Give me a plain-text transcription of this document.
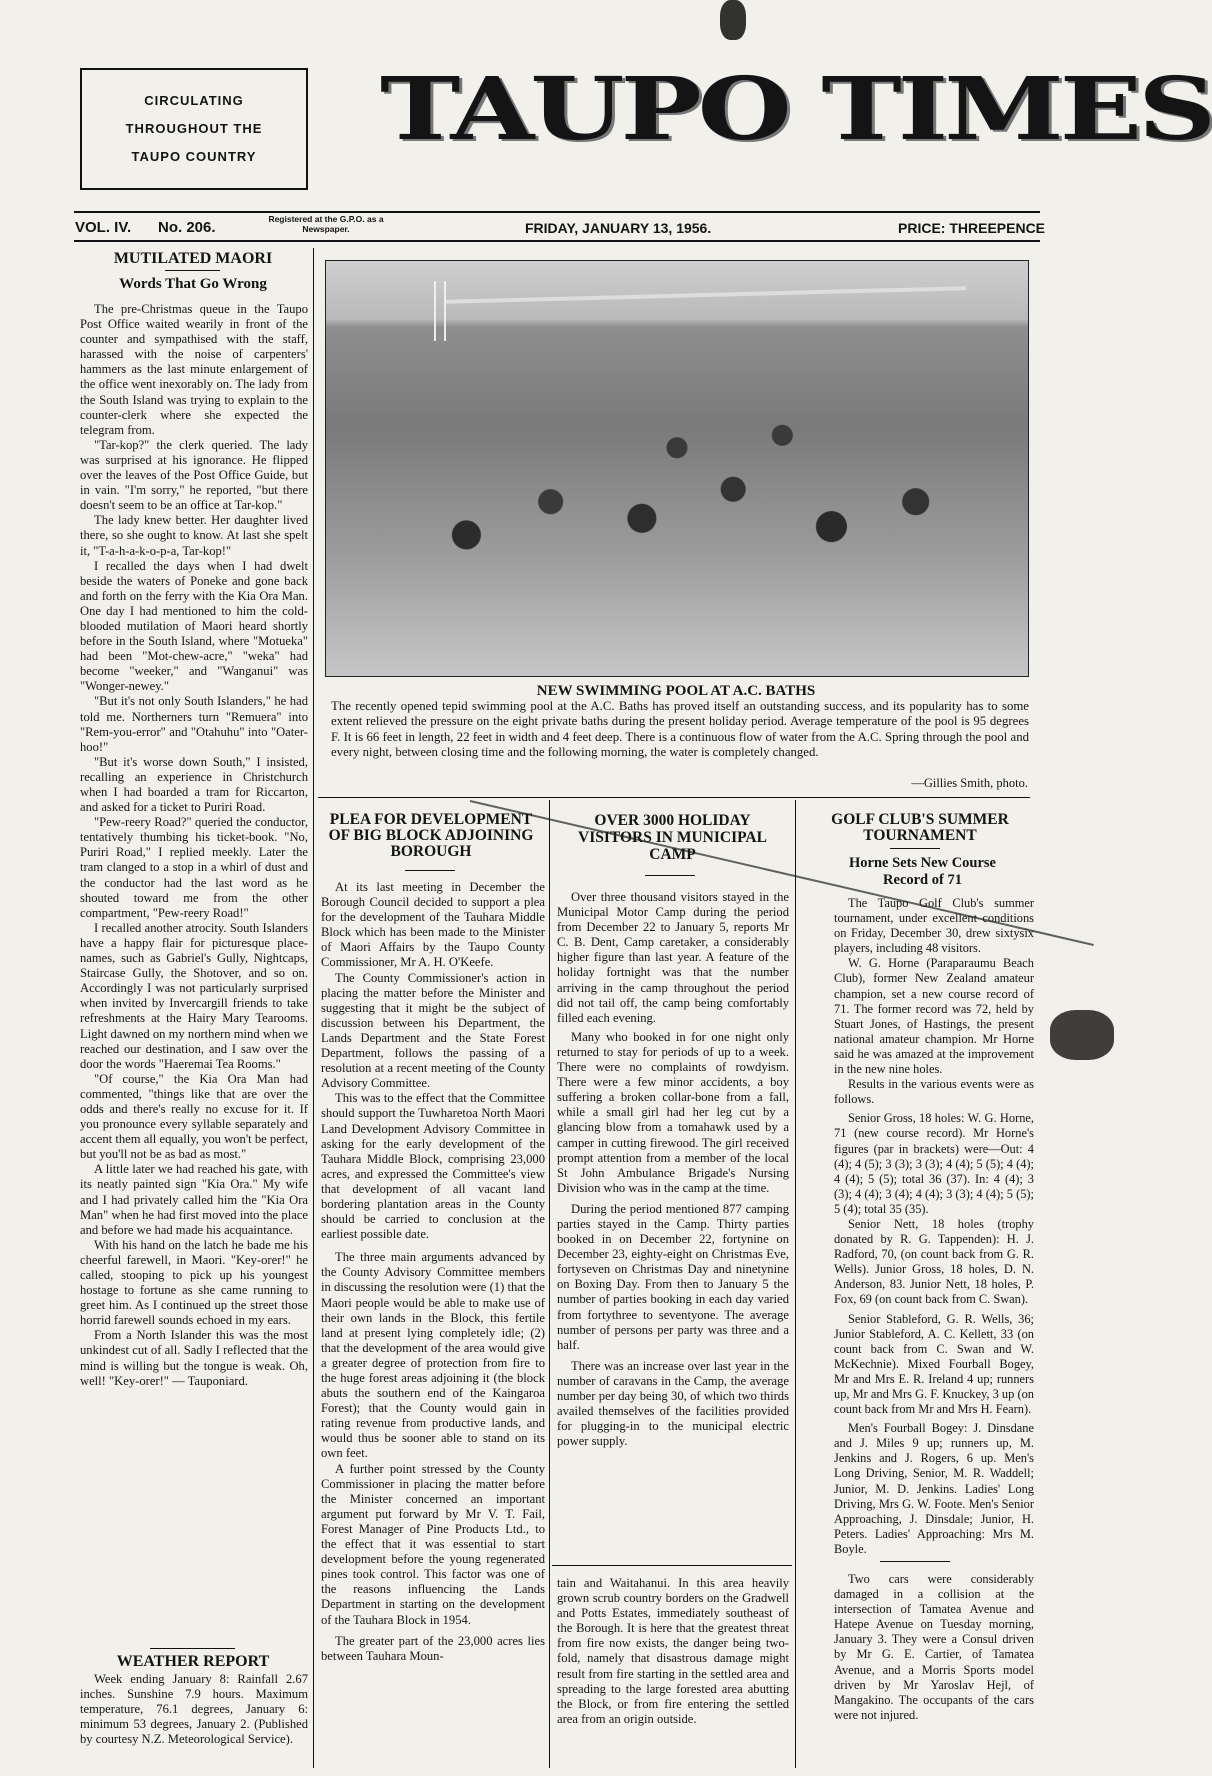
CIRCULATING
THROUGHOUT THE
TAUPO COUNTRY	TAUPO TIMES
VOL. IV. No. 206.	Registered at the G.P.O. as a Newspaper.	FRIDAY, JANUARY 13, 1956.	PRICE: THREEPENCE
MUTILATED MAORI
Words That Go Wrong

The pre-Christmas queue in the Taupo Post Office waited wearily in front of the counter and sympathised with the staff, harassed with the noise of carpenters' hammers as the last minute enlargement of the office went inexorably on. The lady from the South Island was trying to explain to the counter-clerk where she expected the telegram from.

"Tar-kop?" the clerk queried. The lady was surprised at his ignorance. He flipped over the leaves of the Post Office Guide, but in vain. "I'm sorry," he reported, "but there doesn't seem to be an office at Tar-kop."

The lady knew better. Her daughter lived there, so she ought to know. At last she spelt it, "T-a-h-a-k-o-p-a, Tar-kop!"

I recalled the days when I had dwelt beside the waters of Poneke and gone back and forth on the ferry with the Kia Ora Man. One day I had mentioned to him the cold-blooded mutilation of Maori heard shortly before in the South Island, where "Motueka" had been "Mot-chew-acre," "weka" had become "weeker," and "Wanganui" was "Wonger-newey."

"But it's not only South Islanders," he had told me. Northerners turn "Remuera" into "Rem-you-error" and "Otahuhu" into "Oater-hoo!"

"But it's worse down South," I insisted, recalling an experience in Christchurch when I had boarded a tram for Riccarton, and asked for a ticket to Puriri Road.

"Pew-reery Road?" queried the conductor, tentatively thumbing his ticket-book. "No, Puriri Road," I replied meekly. Later the tram clanged to a stop in a whirl of dust and the conductor had the last word as he shouted toward me from the other compartment, "Pew-reery Road!"

I recalled another atrocity. South Islanders have a happy flair for picturesque place-names, such as Gabriel's Gully, Nightcaps, Staircase Gully, the Shotover, and so on. Accordingly I was not particularly surprised when invited by Invercargill friends to take refreshments at the Hairy Mary Tearooms. Light dawned on my northern mind when we reached our destination, and I saw over the door the words "Haeremai Tea Rooms."

"Of course," the Kia Ora Man had commented, "things like that are over the odds and there's really no excuse for it. If you pronounce every syllable separately and accent them all equally, you won't be perfect, but you'll not be as bad as most."

A little later we had reached his gate, with its neatly painted sign "Kia Ora." My wife and I had privately called him the "Kia Ora Man" when he had first moved into the place and before we had made his acquaintance.

With his hand on the latch he bade me his cheerful farewell, in Maori. "Key-orer!" he called, stooping to pick up his youngest hostage to fortune as she came running to greet him. As I continued up the street those horrid farewell sounds echoed in my ears.

From a North Islander this was the most unkindest cut of all. Sadly I reflected that the mind is willing but the tongue is weak. Oh, well! "Key-orer!" — Tauponiard.

WEATHER REPORT

Week ending January 8: Rainfall 2.67 inches. Sunshine 7.9 hours. Maximum temperature, 76.1 degrees, January 6: minimum 53 degrees, January 2. (Published by courtesy N.Z. Meteorological Service).

NEW SWIMMING POOL AT A.C. BATHS

The recently opened tepid swimming pool at the A.C. Baths has proved itself an outstanding success, and its popularity has to some extent relieved the pressure on the eight private baths during the present holiday period. Average temperature of the pool is 95 degrees F. It is 66 feet in length, 22 feet in width and 4 feet deep. There is a continuous flow of water from the A.C. Spring through the pool and every night, between closing time and the following morning, the water is completely changed.

—Gillies Smith, photo.
PLEA FOR DEVELOPMENT OF BIG BLOCK ADJOINING BOROUGH

At its last meeting in December the Borough Council decided to support a plea for the development of the Tauhara Middle Block which has been made to the Minister of Maori Affairs by the Taupo County Commissioner, Mr A. H. O'Keefe.

The County Commissioner's action in placing the matter before the Minister and suggesting that it might be the subject of discussion between his Department, the Lands Department and the State Forest Department, follows the passing of a resolution at a recent meeting of the County Advisory Committee.

This was to the effect that the Committee should support the Tuwharetoa North Maori Land Development Advisory Committee in asking for the early development of the Tauhara Middle Block, comprising 23,000 acres, and expressed the Committee's view that development of all vacant land bordering plantation areas in the County should be carried to conclusion at the earliest possible date.

The three main arguments advanced by the County Advisory Committee members in discussing the resolution were (1) that the Maori people would be able to make use of their own lands in the Block, this fertile land at present lying completely idle; (2) that the development of the area would give a greater degree of protection from fire to the huge forest areas adjoining it (the block abuts the southern end of the Kaingaroa Forest); that the County would gain in rating revenue from productive lands, and would thus be sooner able to stand on its own feet.

A further point stressed by the County Commissioner in placing the matter before the Minister concerned an important argument put forward by Mr V. T. Fail, Forest Manager of Pine Products Ltd., to the effect that it was essential to start development before the young regenerated pines took control. This factor was one of the reasons influencing the Lands Department in starting on the development of the Tauhara Block in 1954.

The greater part of the 23,000 acres lies between Tauhara Moun-

OVER 3000 HOLIDAY VISITORS IN MUNICIPAL CAMP

Over three thousand visitors stayed in the Municipal Motor Camp during the period from December 22 to January 5, reports Mr C. B. Dent, Camp caretaker, a considerably higher figure than last year. A feature of the holiday fortnight was that the number arriving in the camp throughout the period did not tail off, the camp being comfortably filled each evening.

Many who booked in for one night only returned to stay for periods of up to a week. There were no complaints of rowdyism. There were a few minor accidents, a boy suffering a broken collar-bone from a fall, while a small girl had her leg cut by a glancing blow from a tomahawk used by a camper in cutting firewood. The girl received prompt attention from a member of the local St John Ambulance Brigade's Nursing Division who was in the camp at the time.

During the period mentioned 877 camping parties stayed in the Camp. Thirty parties booked in on December 22, fortynine on December 23, eighty-eight on Christmas Eve, fortyseven on Christmas Day and ninetynine on Boxing Day. From then to January 5 the number of parties booking in each day varied from fortythree to seventyone. The average number of persons per party was three and a half.

There was an increase over last year in the number of caravans in the Camp, the average number per day being 30, of which two thirds availed themselves of the facilities provided for plugging-in to the municipal electric power supply.

tain and Waitahanui. In this area heavily grown scrub country borders on the Gradwell and Potts Estates, immediately southeast of the Borough. It is here that the greatest threat from fire now exists, the danger being two-fold, namely that disastrous damage might result from fire starting in the settled area and spreading to the large forested area abutting the Block, or from fire entering the settled area from an origin outside.

GOLF CLUB'S SUMMER TOURNAMENT
Horne Sets New Course Record of 71

The Taupo Golf Club's summer tournament, under excellent conditions on Friday, December 30, drew sixtysix players, including 48 visitors.

W. G. Horne (Paraparaumu Beach Club), former New Zealand amateur champion, set a new course record of 71. The former record was 72, held by Stuart Jones, of Hastings, the present national amateur champion. Mr Horne said he was amazed at the improvement in the new nine holes.

Results in the various events were as follows.

Senior Gross, 18 holes: W. G. Horne, 71 (new course record). Mr Horne's figures (par in brackets) were—Out: 4 (4); 4 (5); 3 (3); 3 (3); 4 (4); 5 (5); 4 (4); 4 (4); 5 (5); total 36 (37). In: 4 (4); 3 (3); 4 (4); 3 (4); 4 (4); 3 (3); 4 (4); 5 (5); 5 (4); total 35 (35).

Senior Nett, 18 holes (trophy donated by R. G. Tappenden): H. J. Radford, 70, (on count back from G. R. Wells). Junior Gross, 18 holes, D. N. Anderson, 83. Junior Nett, 18 holes, P. Fox, 69 (on count back from C. Swan).

Senior Stableford, G. R. Wells, 36; Junior Stableford, A. C. Kellett, 33 (on count back from C. Swan and W. McKechnie). Mixed Fourball Bogey, Mr and Mrs E. R. Ireland 4 up; runners up, Mr and Mrs G. F. Knuckey, 3 up (on count back from Mr and Mrs H. Fearn).

Men's Fourball Bogey: J. Dinsdane and J. Miles 9 up; runners up, M. Jenkins and J. Rogers, 6 up. Men's Long Driving, Senior, M. R. Waddell; Junior, M. D. Jenkins. Ladies' Long Driving, Mrs G. W. Foote. Men's Senior Approaching, J. Dinsdale; Junior, H. Peters. Ladies' Approaching: Mrs M. Boyle.

Two cars were considerably damaged in a collision at the intersection of Tamatea Avenue and Hatepe Avenue on Tuesday morning, January 3. They were a Consul driven by Mr G. E. Cartier, of Tamatea Avenue, and a Morris Sports model driven by Mr Yaroslav Hejl, of Mangakino. The occupants of the cars were not injured.
